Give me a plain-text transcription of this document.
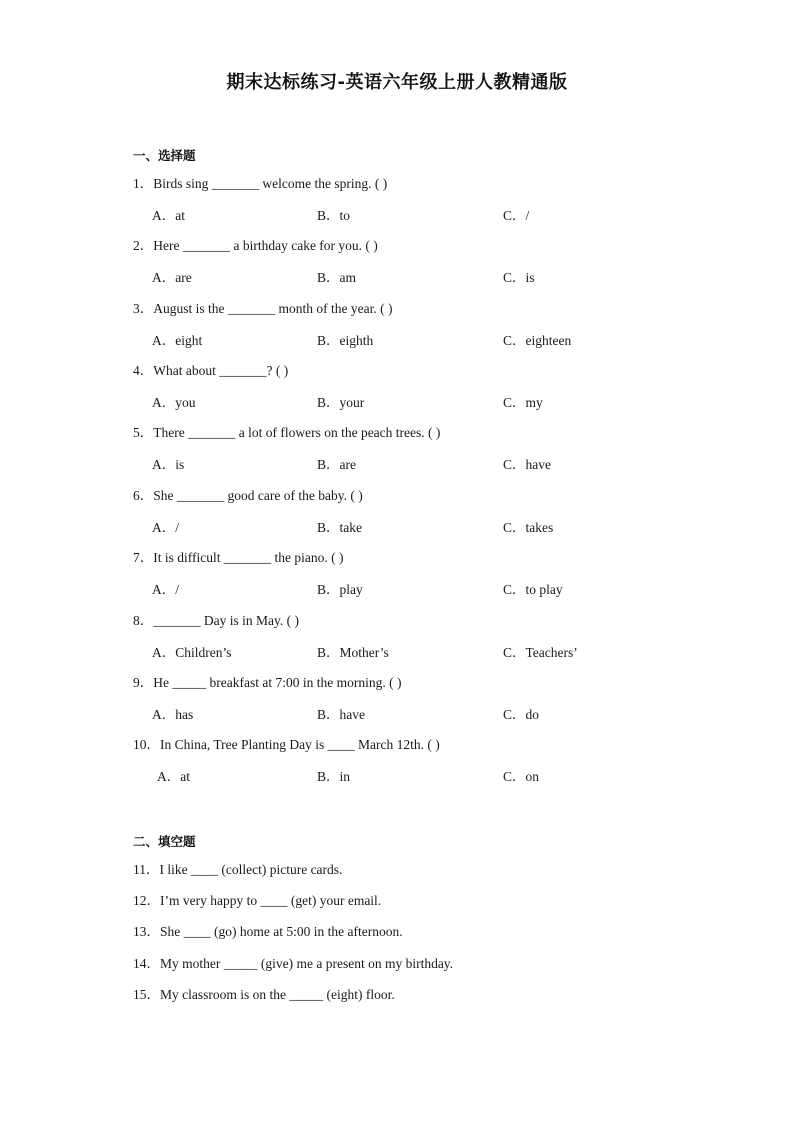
期末达标练习-英语六年级上册人教精通版
一、选择题
1．Birds sing _______ welcome the spring. ( )
A．at	B．to	C．/
2．Here _______ a birthday cake for you. ( )
A．are	B．am	C．is
3．August is the _______ month of the year. ( )
A．eight	B．eighth	C．eighteen
4．What about _______? ( )
A．you	B．your	C．my
5．There _______ a lot of flowers on the peach trees. ( )
A．is	B．are	C．have
6．She _______ good care of the baby. ( )
A．/	B．take	C．takes
7．It is difficult _______ the piano. ( )
A．/	B．play	C．to play
8．_______ Day is in May. ( )
A．Children’s	B．Mother’s	C．Teachers’
9．He _____ breakfast at 7:00 in the morning. ( )
A．has	B．have	C．do
10．In China, Tree Planting Day is ____ March 12th. ( )
A．at	B．in	C．on
二、填空题
11．I like ____ (collect) picture cards.
12．I’m very happy to ____ (get) your email.
13．She ____ (go) home at 5:00 in the afternoon.
14．My mother _____ (give) me a present on my birthday.
15．My classroom is on the _____ (eight) floor.
